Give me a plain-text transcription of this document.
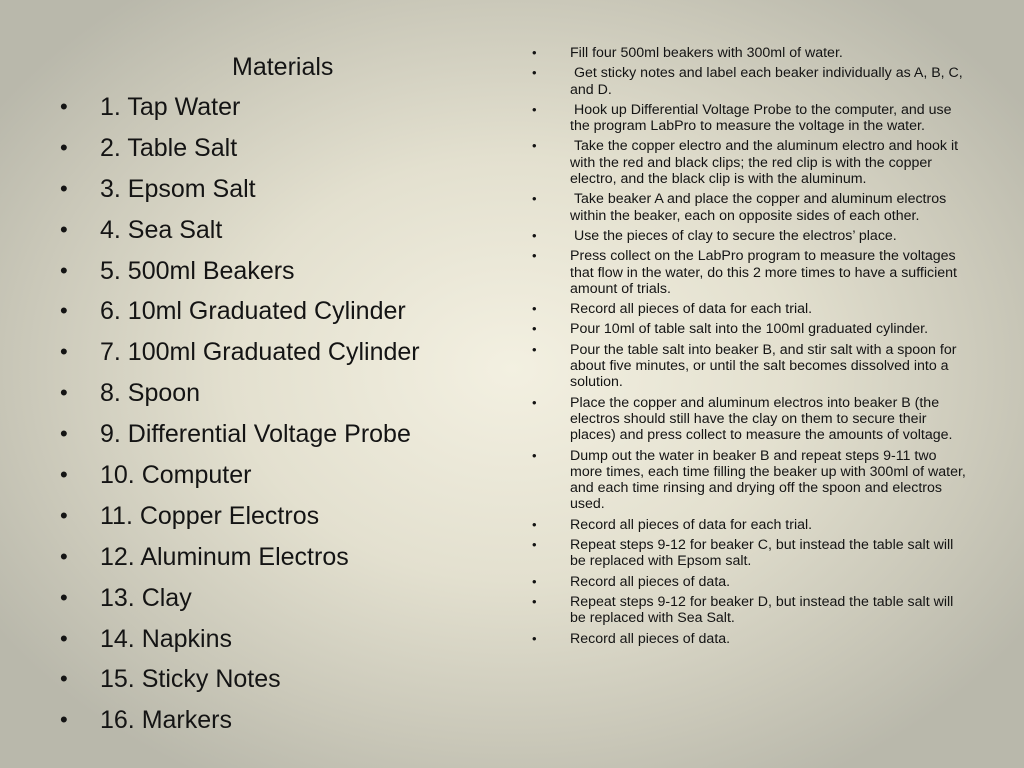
Materials
• 1. Tap Water
• 2. Table Salt
• 3. Epsom Salt
• 4. Sea Salt
• 5. 500ml Beakers
• 6. 10ml Graduated Cylinder
• 7. 100ml Graduated Cylinder
• 8. Spoon
• 9. Differential Voltage Probe
• 10. Computer
• 11. Copper Electros
• 12. Aluminum Electros
• 13. Clay
• 14. Napkins
• 15. Sticky Notes
• 16. Markers
• Fill four 500ml beakers with 300ml of water.
• Get sticky notes and label each beaker individually as A, B, C, and D.
• Hook up Differential Voltage Probe to the computer, and use the program LabPro to measure the voltage in the water.
• Take the copper electro and the aluminum electro and hook it with the red and black clips; the red clip is with the copper electro, and the black clip is with the aluminum.
• Take beaker A and place the copper and aluminum electros within the beaker, each on opposite sides of each other.
• Use the pieces of clay to secure the electros’ place.
• Press collect on the LabPro program to measure the voltages that flow in the water, do this 2 more times to have a sufficient amount of trials.
• Record all pieces of data for each trial.
• Pour 10ml of table salt into the 100ml graduated cylinder.
• Pour the table salt into beaker B, and stir salt with a spoon for about five minutes, or until the salt becomes dissolved into a solution.
• Place the copper and aluminum electros into beaker B (the electros should still have the clay on them to secure their places) and press collect to measure the amounts of voltage.
• Dump out the water in beaker B and repeat steps 9-11 two more times, each time filling the beaker up with 300ml of water, and each time rinsing and drying off the spoon and electros used.
• Record all pieces of data for each trial.
• Repeat steps 9-12 for beaker C, but instead the table salt will be replaced with Epsom salt.
• Record all pieces of data.
• Repeat steps 9-12 for beaker D, but instead the table salt will be replaced with Sea Salt.
• Record all pieces of data.
